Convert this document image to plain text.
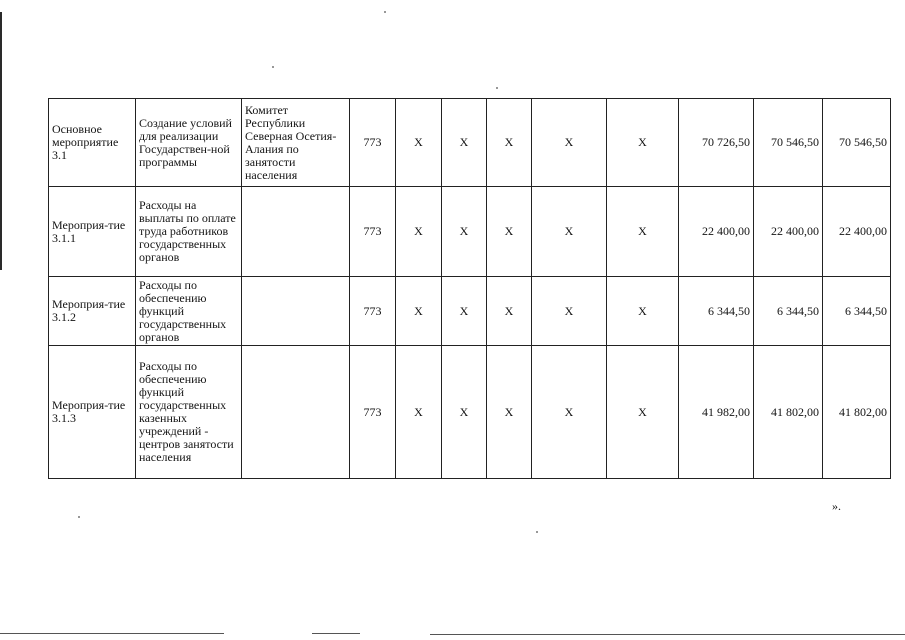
Основное мероприятие 3.1	Создание условий для реализации Государствен-ной программы	Комитет Республики Северная Осетия-Алания по занятости населения	773	Х	Х	Х	Х	Х	70 726,50	70 546,50	70 546,50
Мероприя-тие 3.1.1	Расходы на выплаты по оплате труда работников государственных органов		773	Х	Х	Х	Х	Х	22 400,00	22 400,00	22 400,00
Мероприя-тие 3.1.2	Расходы по обеспечению функций государственных органов		773	Х	Х	Х	Х	Х	6 344,50	6 344,50	6 344,50
Мероприя-тие 3.1.3	Расходы по обеспечению функций государственных казенных учреждений - центров занятости населения		773	Х	Х	Х	Х	Х	41 982,00	41 802,00	41 802,00
».
